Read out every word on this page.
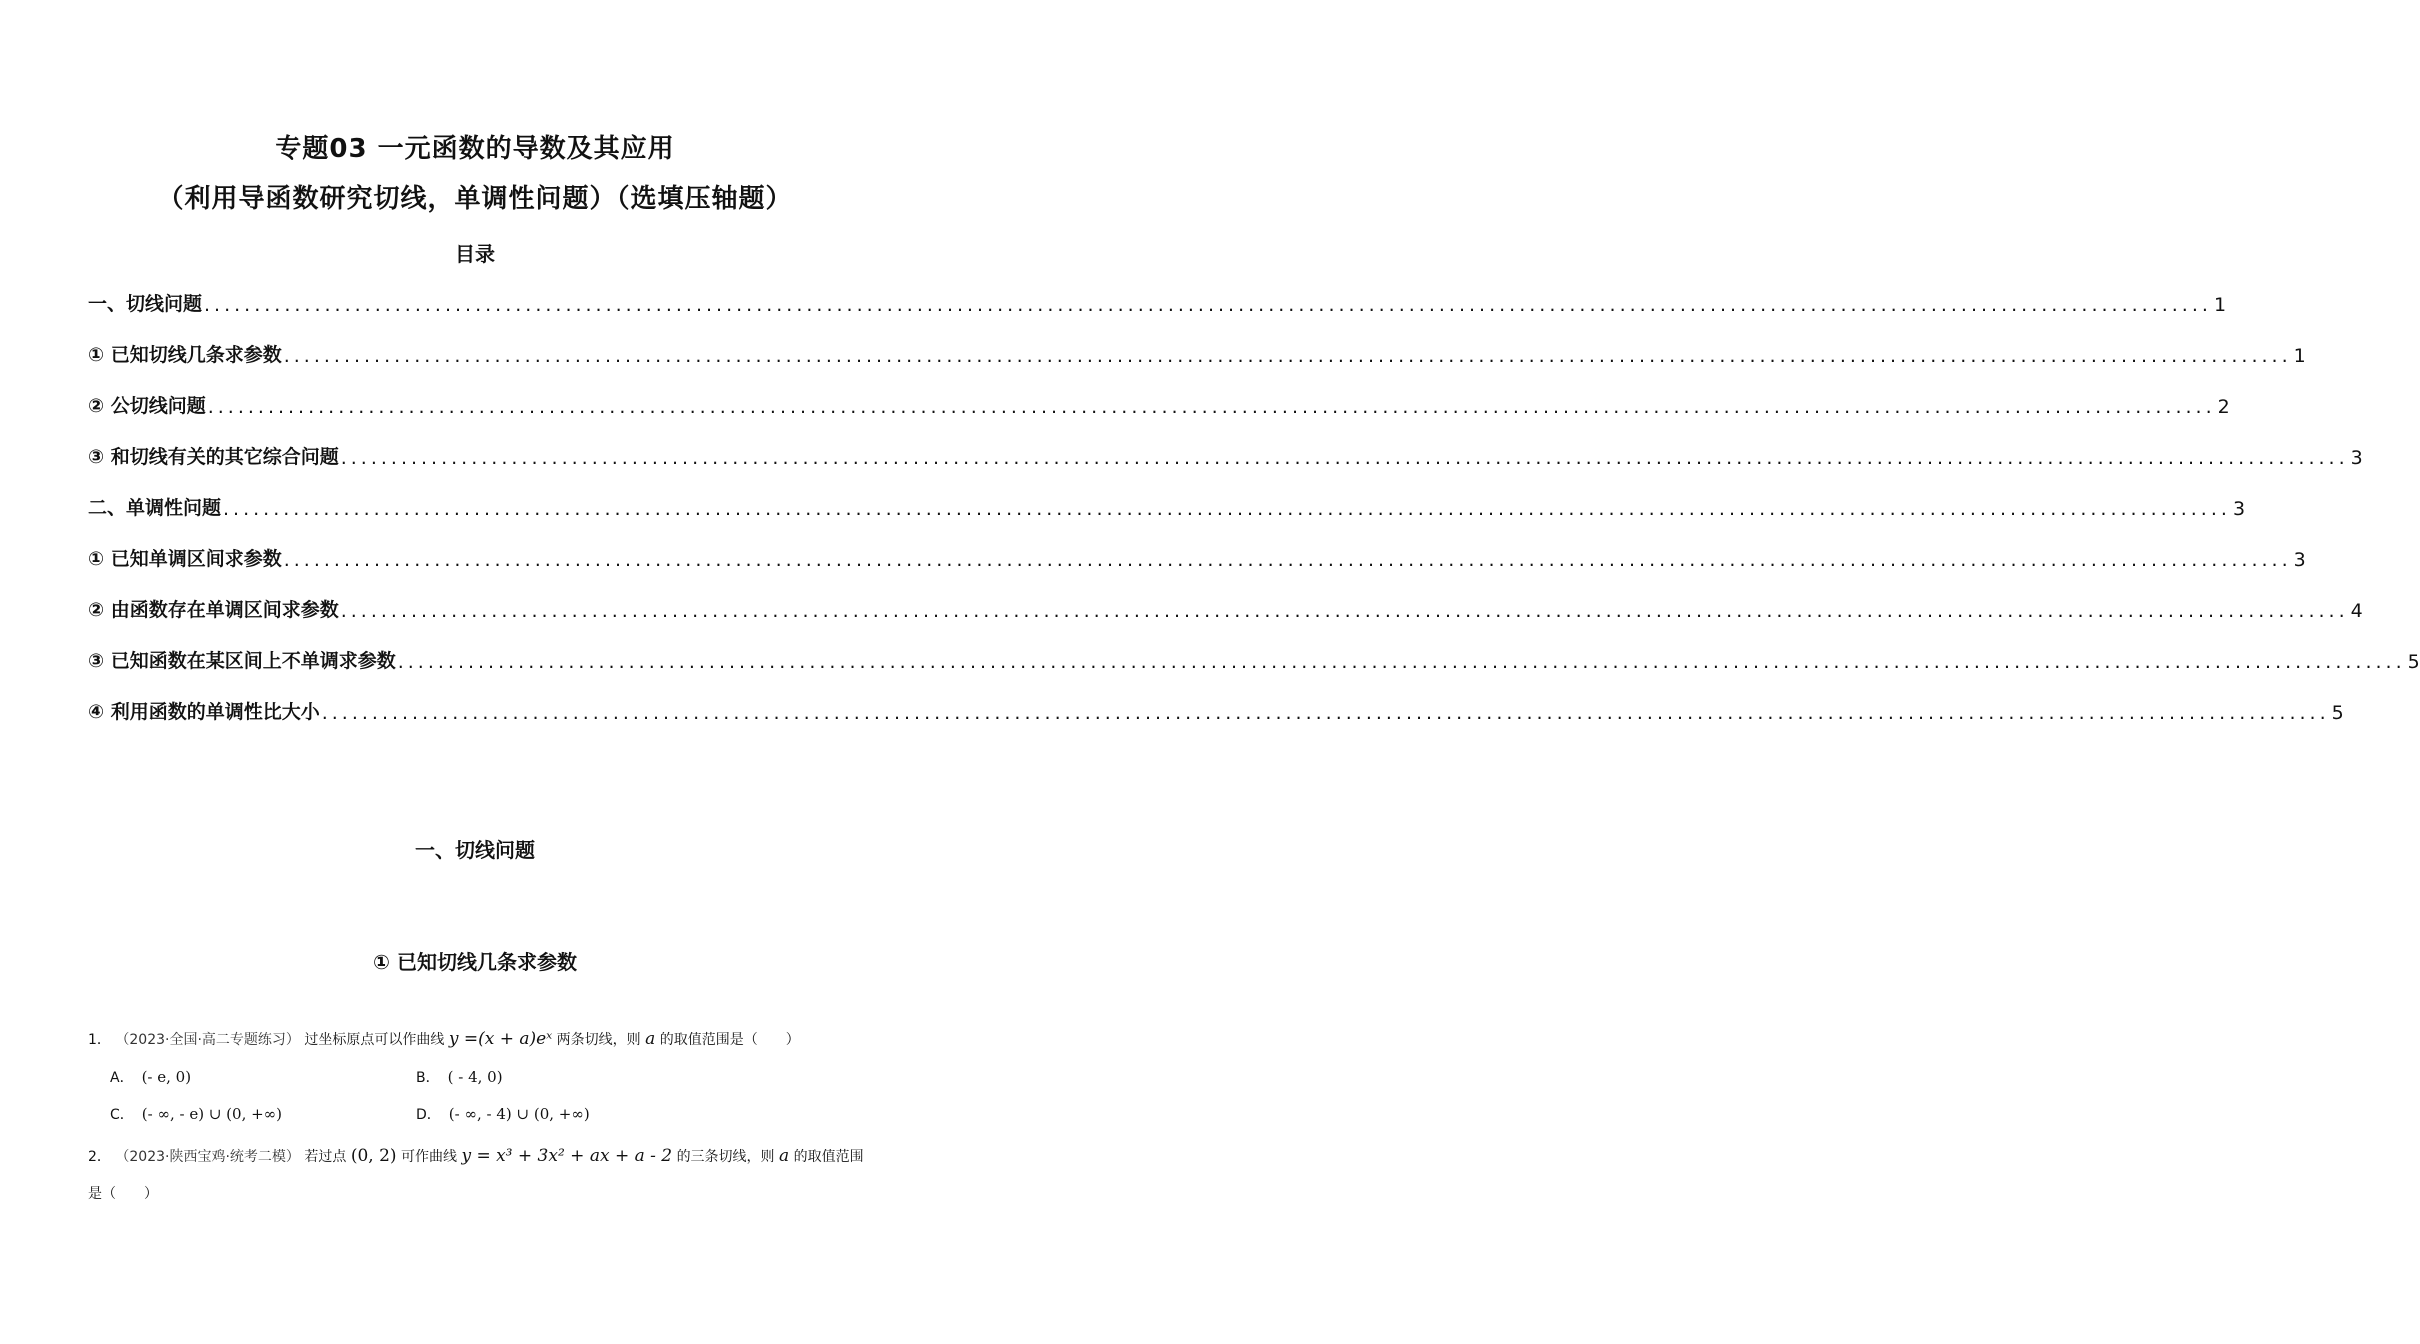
专题03 一元函数的导数及其应用
（利用导函数研究切线，单调性问题）（选填压轴题）
目录
一、切线问题 ........................................................................................................................................................................................................ 1
① 已知切线几条求参数 ........................................................................................................................................................................................................ 1
② 公切线问题 ........................................................................................................................................................................................................ 2
③ 和切线有关的其它综合问题 ........................................................................................................................................................................................................ 3
二、单调性问题 ........................................................................................................................................................................................................ 3
① 已知单调区间求参数 ........................................................................................................................................................................................................ 3
② 由函数存在单调区间求参数 ........................................................................................................................................................................................................ 4
③ 已知函数在某区间上不单调求参数 ........................................................................................................................................................................................................ 5
④ 利用函数的单调性比大小 ........................................................................................................................................................................................................ 5
一、切线问题
① 已知切线几条求参数
1． （2023·全国·高二专题练习） 过坐标原点可以作曲线 y =(x + a)eˣ 两条切线，则 a 的取值范围是（　　）
A． (- e, 0)	B． ( - 4, 0)
C． (- ∞, - e) ∪ (0, +∞)	D． (- ∞, - 4) ∪ (0, +∞)
2． （2023·陕西宝鸡·统考二模） 若过点 (0, 2) 可作曲线 y = x³ + 3x² + ax + a - 2 的三条切线，则 a 的取值范围
是（　　）
